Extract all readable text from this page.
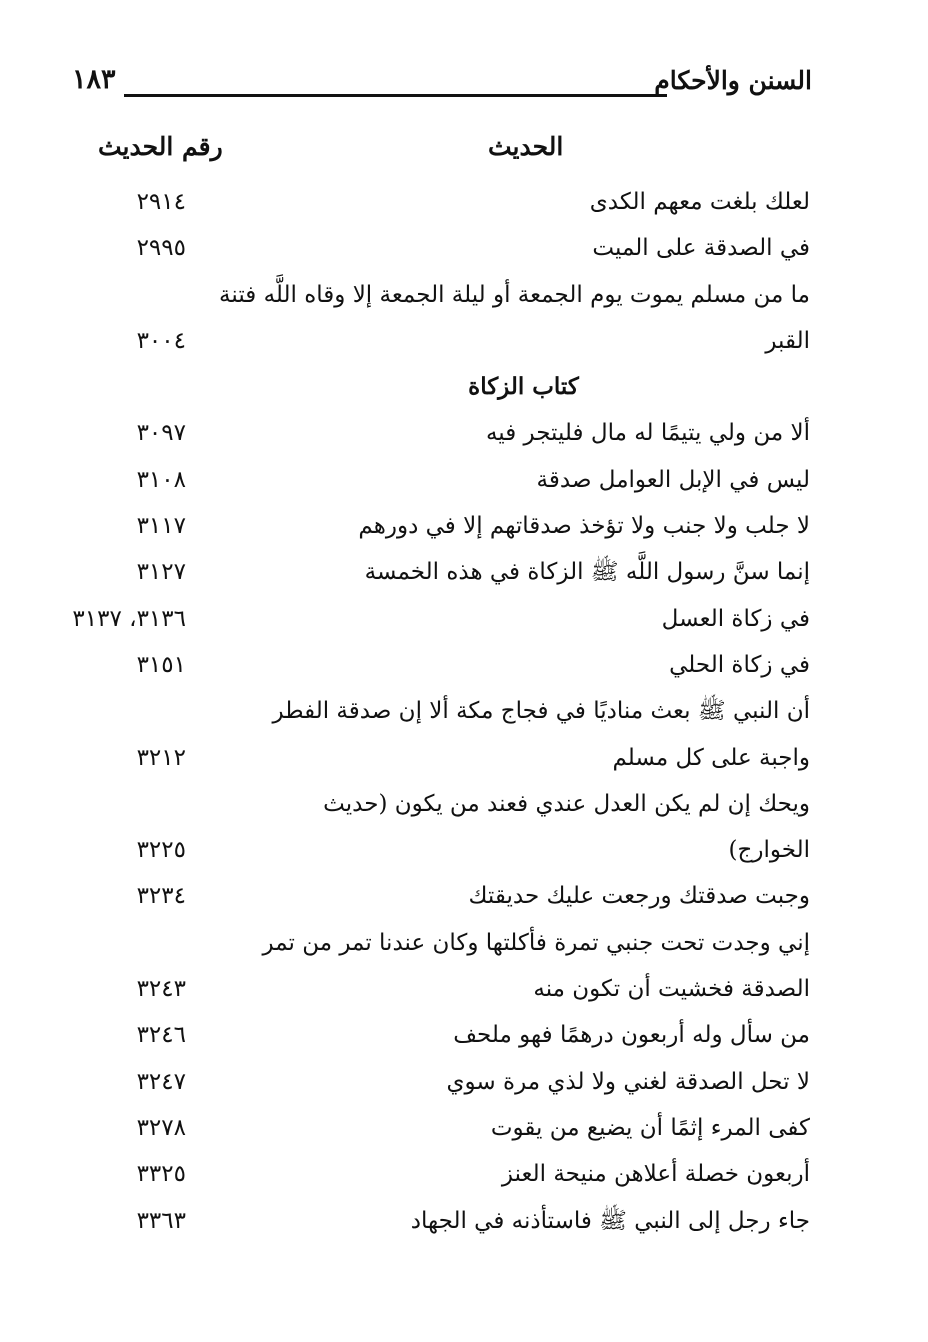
السنن والأحكام
١٨٣
الحديث
رقم الحديث
لعلك بلغت معهم الكدى
٢٩١٤
في الصدقة على الميت
٢٩٩٥
ما من مسلم يموت يوم الجمعة أو ليلة الجمعة إلا وقاه اللَّه فتنة
القبر
٣٠٠٤
كتاب الزكاة
ألا من ولي يتيمًا له مال فليتجر فيه
٣٠٩٧
ليس في الإبل العوامل صدقة
٣١٠٨
لا جلب ولا جنب ولا تؤخذ صدقاتهم إلا في دورهم
٣١١٧
إنما سنَّ رسول اللَّه ﷺ الزكاة في هذه الخمسة
٣١٢٧
في زكاة العسل
٣١٣٦، ٣١٣٧
في زكاة الحلي
٣١٥١
أن النبي ﷺ بعث مناديًا في فجاج مكة ألا إن صدقة الفطر
واجبة على كل مسلم
٣٢١٢
ويحك إن لم يكن العدل عندي فعند من يكون (حديث
الخوارج)
٣٢٢٥
وجبت صدقتك ورجعت عليك حديقتك
٣٢٣٤
إني وجدت تحت جنبي تمرة فأكلتها وكان عندنا تمر من تمر
الصدقة فخشيت أن تكون منه
٣٢٤٣
من سأل وله أربعون درهمًا فهو ملحف
٣٢٤٦
لا تحل الصدقة لغني ولا لذي مرة سوي
٣٢٤٧
كفى المرء إثمًا أن يضيع من يقوت
٣٢٧٨
أربعون خصلة أعلاهن منيحة العنز
٣٣٢٥
جاء رجل إلى النبي ﷺ فاستأذنه في الجهاد
٣٣٦٣
